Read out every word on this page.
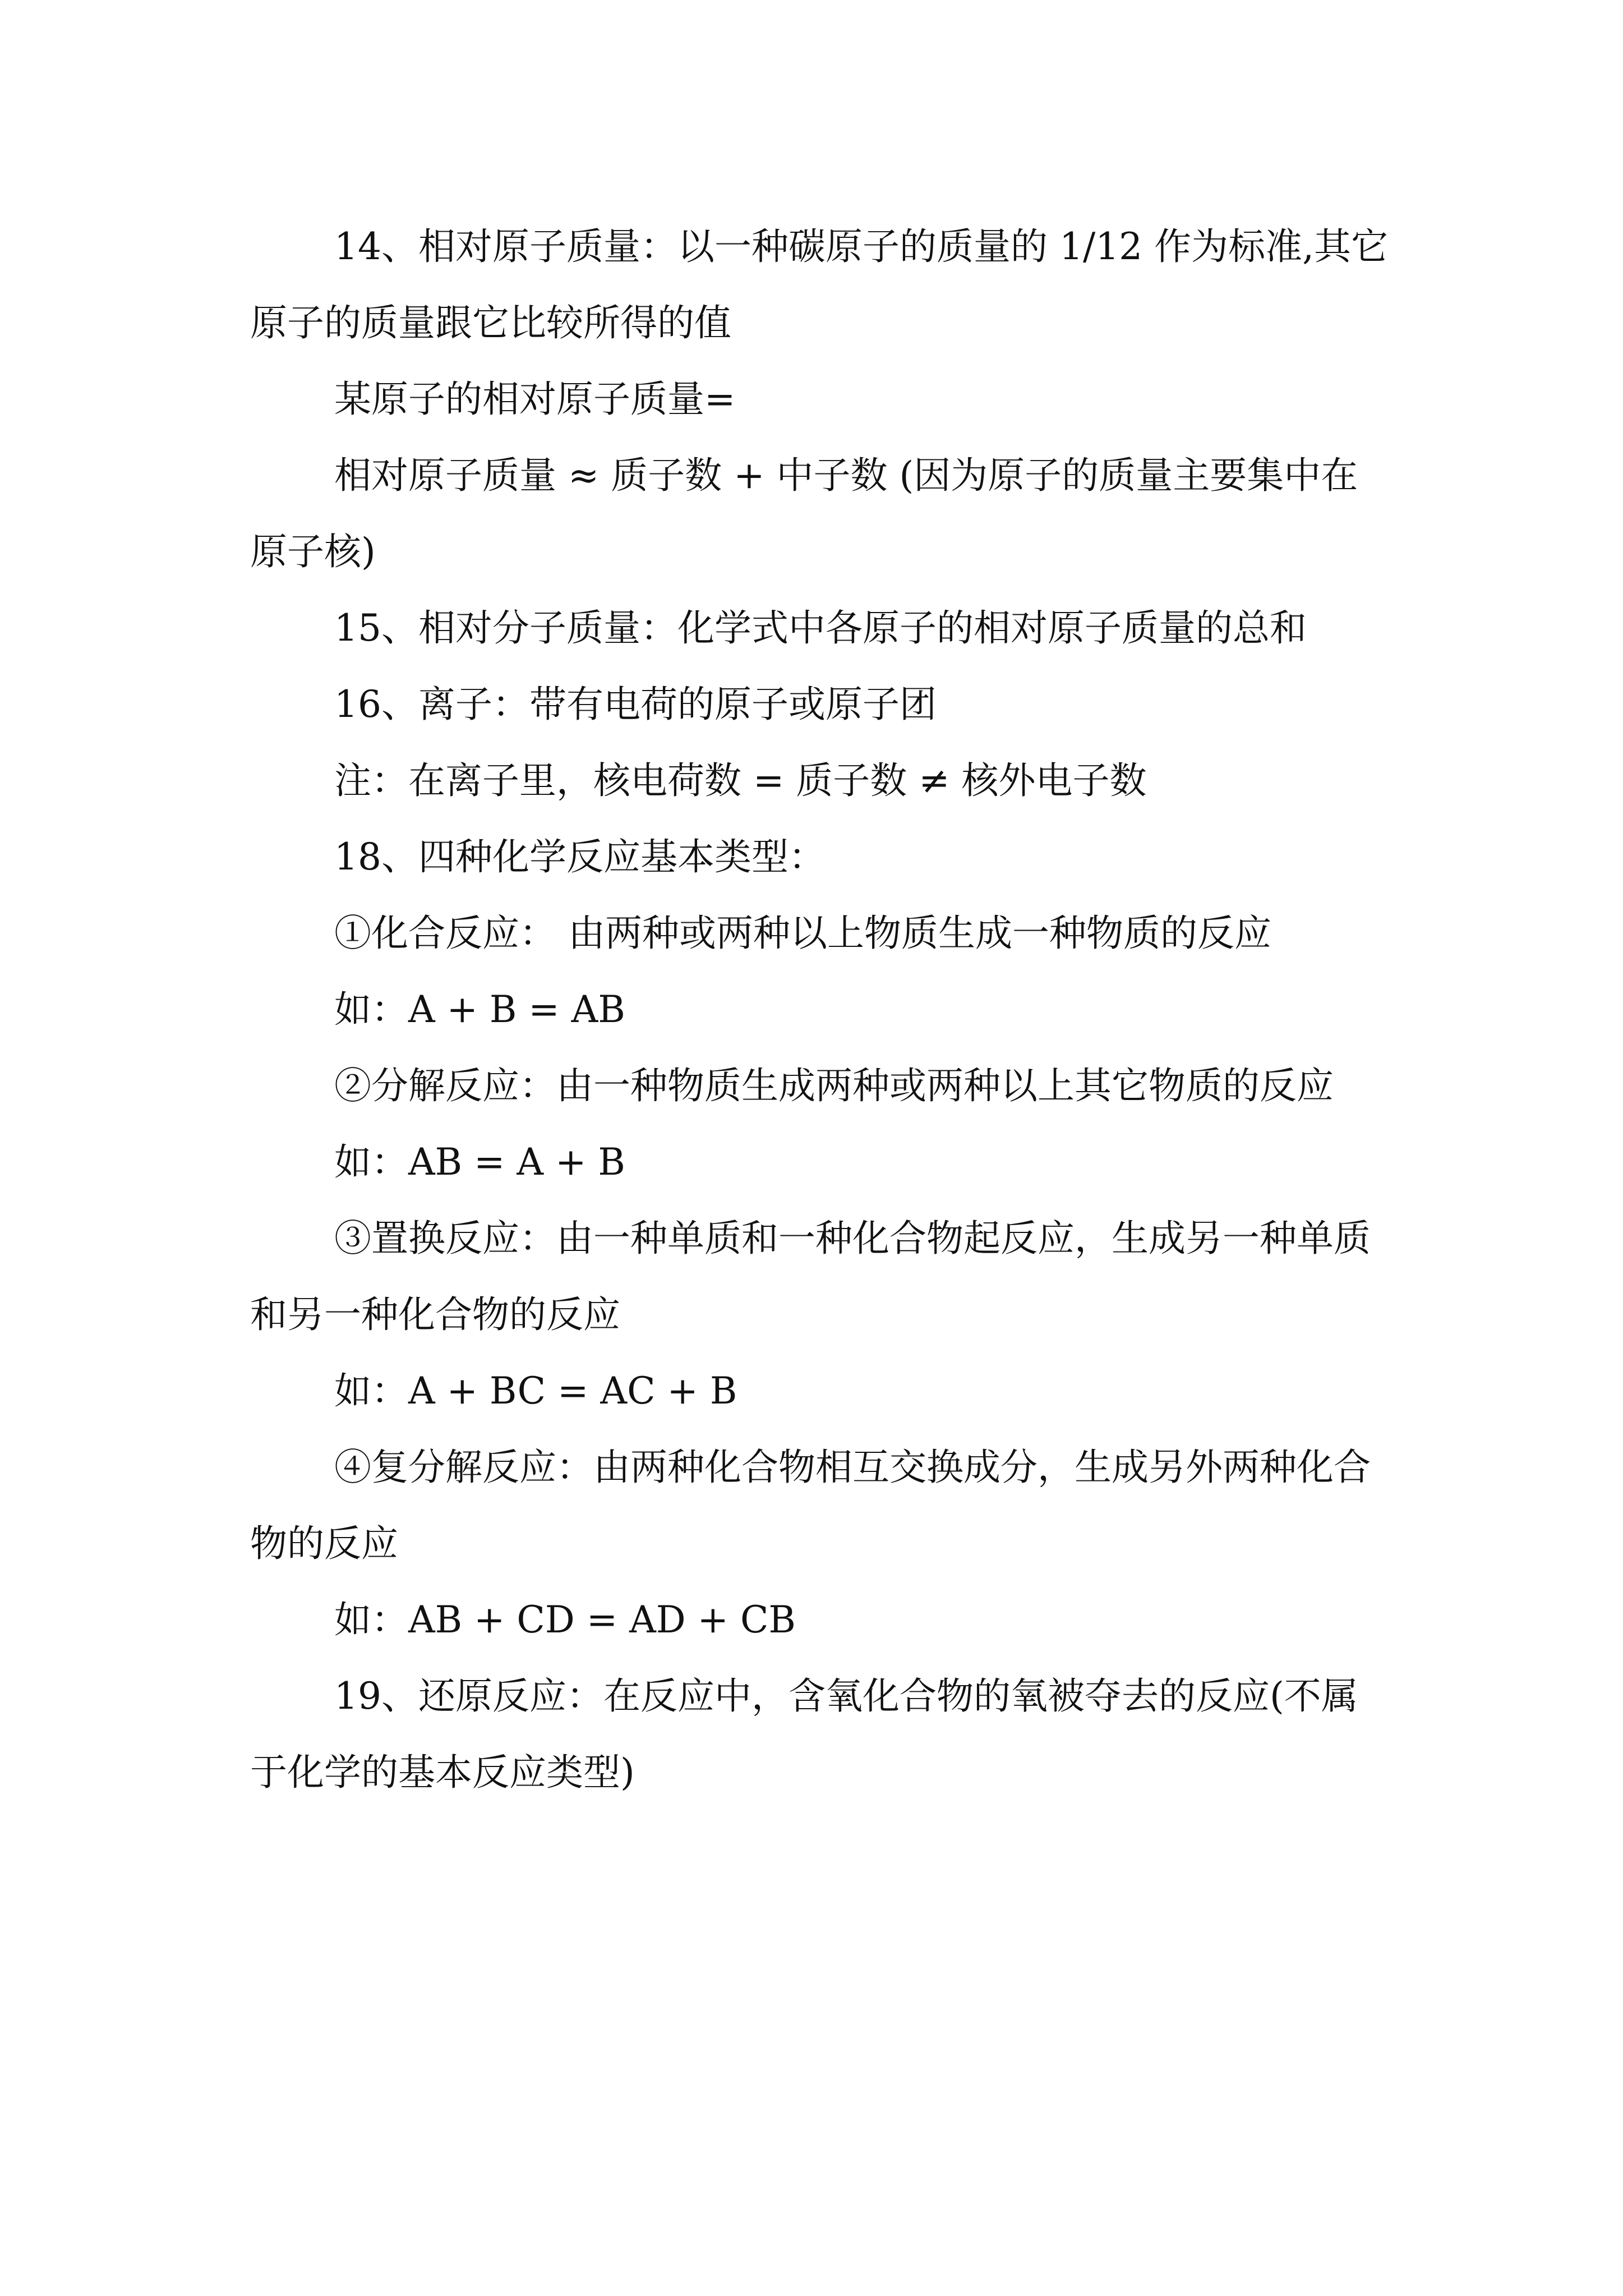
14、相对原子质量：以一种碳原子的质量的 1/12 作为标准,其它原子的质量跟它比较所得的值

某原子的相对原子质量=

相对原子质量 ≈ 质子数 + 中子数 (因为原子的质量主要集中在原子核)

15、相对分子质量：化学式中各原子的相对原子质量的总和

16、离子：带有电荷的原子或原子团

注：在离子里，核电荷数 = 质子数 ≠ 核外电子数

18、四种化学反应基本类型：

①化合反应： 由两种或两种以上物质生成一种物质的反应

如：A + B = AB

②分解反应：由一种物质生成两种或两种以上其它物质的反应

如：AB = A + B

③置换反应：由一种单质和一种化合物起反应，生成另一种单质和另一种化合物的反应

如：A + BC = AC + B

④复分解反应：由两种化合物相互交换成分，生成另外两种化合物的反应

如：AB + CD = AD + CB

19、还原反应：在反应中，含氧化合物的氧被夺去的反应(不属于化学的基本反应类型)
